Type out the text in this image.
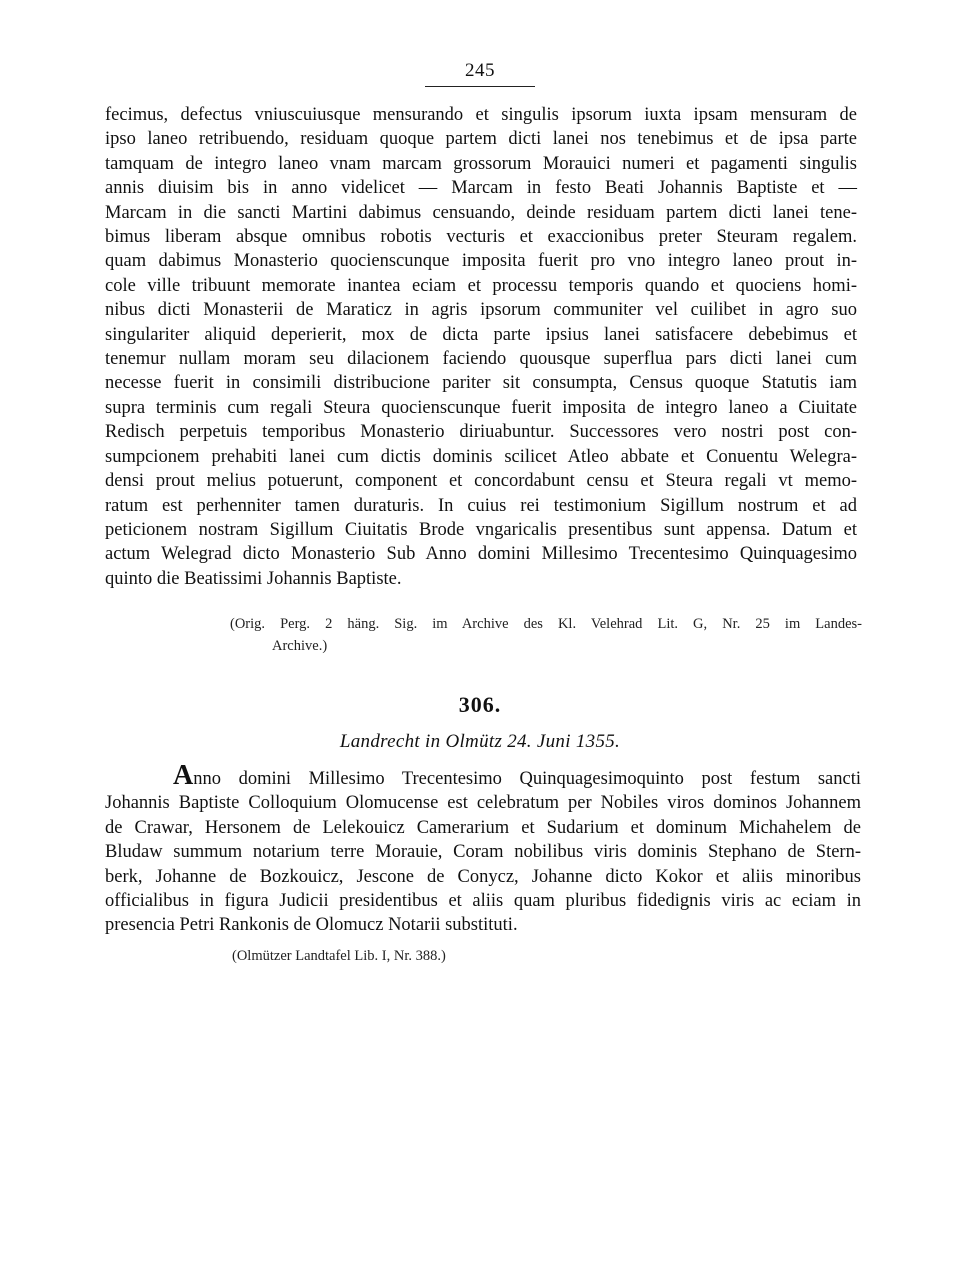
245
fecimus, defectus vniuscuiusque mensurando et singulis ipsorum iuxta ipsam mensuram de
ipso laneo retribuendo, residuam quoque partem dicti lanei nos tenebimus et de ipsa parte
tamquam de integro laneo vnam marcam grossorum Morauici numeri et pagamenti singulis
annis diuisim bis in anno videlicet — Marcam in festo Beati Johannis Baptiste et —
Marcam in die sancti Martini dabimus censuando, deinde residuam partem dicti lanei tene-
bimus liberam absque omnibus robotis vecturis et exaccionibus preter Steuram regalem.
quam dabimus Monasterio quocienscunque imposita fuerit pro vno integro laneo prout in-
cole ville tribuunt memorate inantea eciam et processu temporis quando et quociens homi-
nibus dicti Monasterii de Maraticz in agris ipsorum communiter vel cuilibet in agro suo
singulariter aliquid deperierit, mox de dicta parte ipsius lanei satisfacere debebimus et
tenemur nullam moram seu dilacionem faciendo quousque superflua pars dicti lanei cum
necesse fuerit in consimili distribucione pariter sit consumpta, Census quoque Statutis iam
supra terminis cum regali Steura quocienscunque fuerit imposita de integro laneo a Ciuitate
Redisch perpetuis temporibus Monasterio diriuabuntur. Successores vero nostri post con-
sumpcionem prehabiti lanei cum dictis dominis scilicet Atleo abbate et Conuentu Welegra-
densi prout melius potuerunt, component et concordabunt censu et Steura regali vt memo-
ratum est perhenniter tamen duraturis. In cuius rei testimonium Sigillum nostrum et ad
peticionem nostram Sigillum Ciuitatis Brode vngaricalis presentibus sunt appensa. Datum et
actum Welegrad dicto Monasterio Sub Anno domini Millesimo Trecentesimo Quinquagesimo
quinto die Beatissimi Johannis Baptiste.
(Orig. Perg. 2 häng. Sig. im Archive des Kl. Velehrad Lit. G, Nr. 25 im Landes-
Archive.)
306.
Landrecht in Olmütz 24. Juni 1355.
Anno domini Millesimo Trecentesimo Quinquagesimoquinto post festum sancti
Johannis Baptiste Colloquium Olomucense est celebratum per Nobiles viros dominos Johannem
de Crawar, Hersonem de Lelekouicz Camerarium et Sudarium et dominum Michahelem de
Bludaw summum notarium terre Morauie, Coram nobilibus viris dominis Stephano de Stern-
berk, Johanne de Bozkouicz, Jescone de Conycz, Johanne dicto Kokor et aliis minoribus
officialibus in figura Judicii presidentibus et aliis quam pluribus fidedignis viris ac eciam in
presencia Petri Rankonis de Olomucz Notarii substituti.
(Olmützer Landtafel Lib. I, Nr. 388.)
